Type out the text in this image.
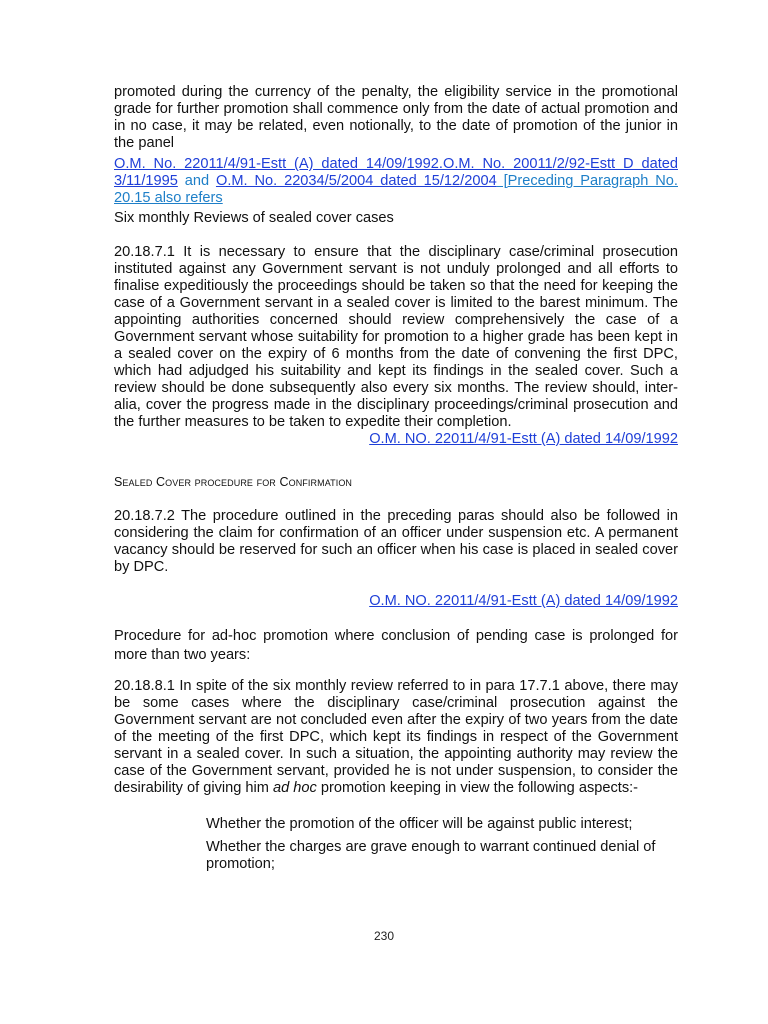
promoted during the currency of the penalty, the eligibility service in the promotional grade for further promotion shall commence only from the date of actual promotion and in no case, it may be related, even notionally, to the date of promotion of the junior in the panel

O.M. No. 22011/4/91-Estt (A) dated 14/09/1992.O.M. No. 20011/2/92-Estt D dated 3/11/1995 and O.M. No. 22034/5/2004 dated 15/12/2004 [Preceding Paragraph No. 20.15 also refers

Six monthly Reviews of sealed cover cases

20.18.7.1 It is necessary to ensure that the disciplinary case/criminal prosecution instituted against any Government servant is not unduly prolonged and all efforts to finalise expeditiously the proceedings should be taken so that the need for keeping the case of a Government servant in a sealed cover is limited to the barest minimum. The appointing authorities concerned should review comprehensively the case of a Government servant whose suitability for promotion to a higher grade has been kept in a sealed cover on the expiry of 6 months from the date of convening the first DPC, which had adjudged his suitability and kept its findings in the sealed cover. Such a review should be done subsequently also every six months. The review should, inter-alia, cover the progress made in the disciplinary proceedings/criminal prosecution and the further measures to be taken to expedite their completion.

O.M. NO. 22011/4/91-Estt (A) dated 14/09/1992

Sealed Cover procedure for Confirmation

20.18.7.2 The procedure outlined in the preceding paras should also be followed in considering the claim for confirmation of an officer under suspension etc. A permanent vacancy should be reserved for such an officer when his case is placed in sealed cover by DPC.

O.M. NO. 22011/4/91-Estt (A) dated 14/09/1992

Procedure for ad-hoc promotion where conclusion of pending case is prolonged for more than two years:

20.18.8.1 In spite of the six monthly review referred to in para 17.7.1 above, there may be some cases where the disciplinary case/criminal prosecution against the Government servant are not concluded even after the expiry of two years from the date of the meeting of the first DPC, which kept its findings in respect of the Government servant in a sealed cover. In such a situation, the appointing authority may review the case of the Government servant, provided he is not under suspension, to consider the desirability of giving him ad hoc promotion keeping in view the following aspects:-

Whether the promotion of the officer will be against public interest;

Whether the charges are grave enough to warrant continued denial of promotion;

230
